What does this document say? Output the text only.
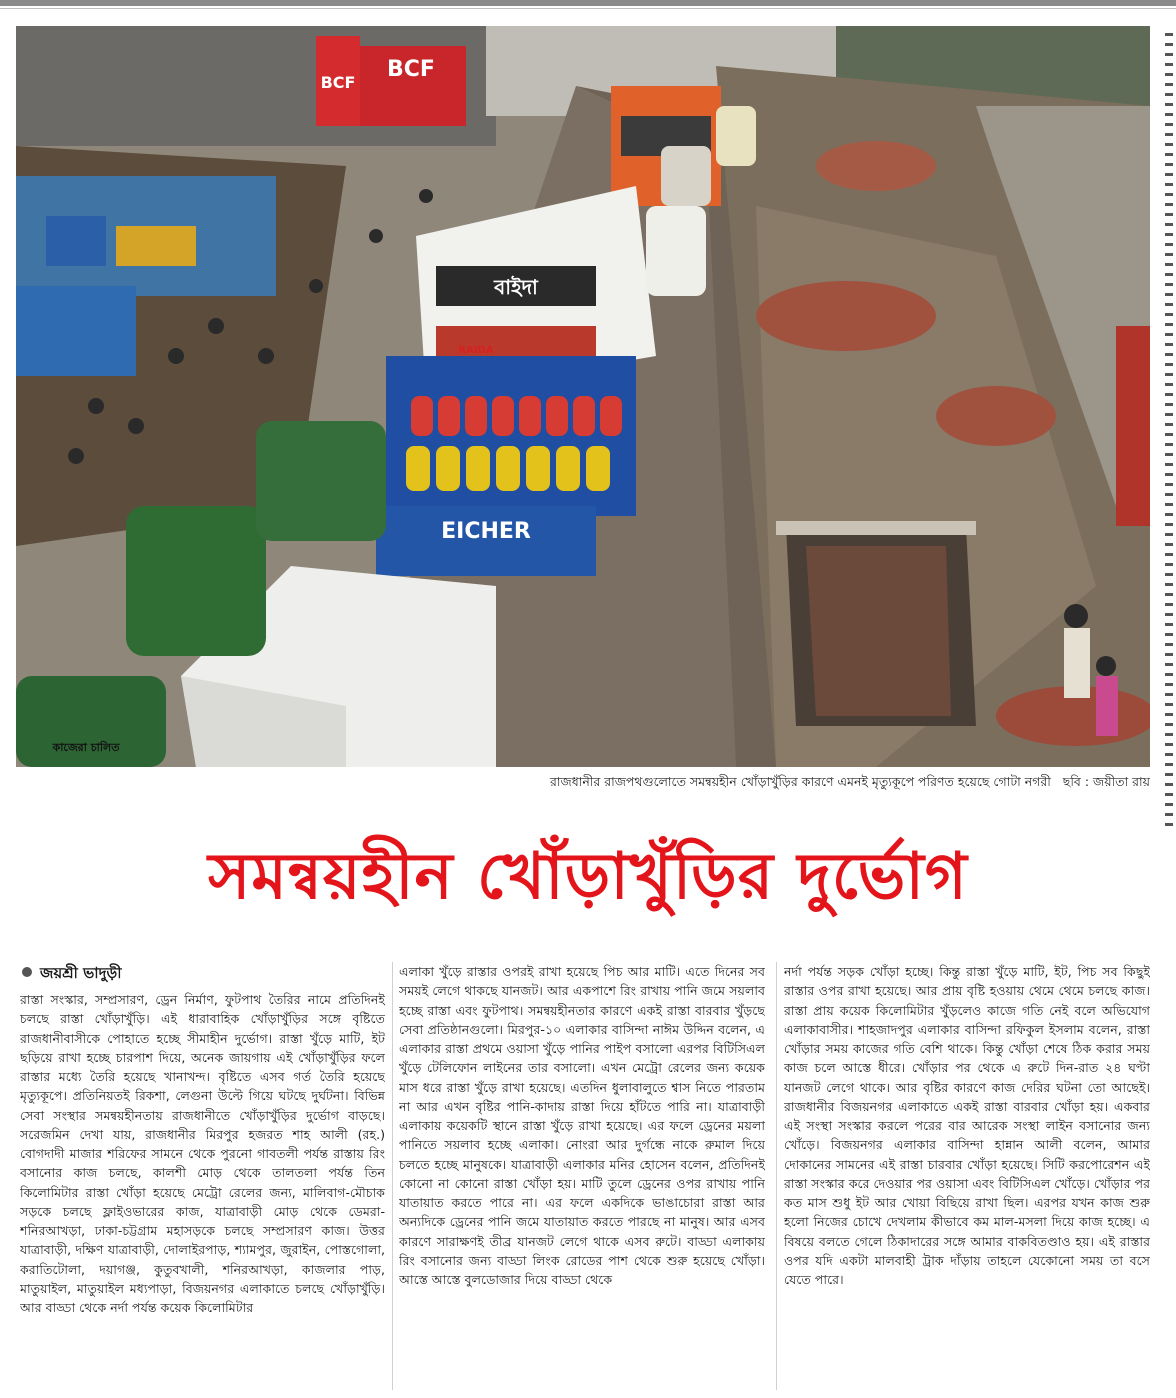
BCF
BCF
বাইদা
RAIDA
EICHER
কাজেরা চালিত
রাজধানীর রাজপথগুলোতে সমন্বয়হীন খোঁড়াখুঁড়ির কারণে এমনই মৃত্যুকূপে পরিণত হয়েছে গোটা নগরী ছবি : জয়ীতা রায়
সমন্বয়হীন খোঁড়াখুঁড়ির দুর্ভোগ
জয়শ্রী ভাদুড়ী

রাস্তা সংস্কার, সম্প্রসারণ, ড্রেন নির্মাণ, ফুটপাথ তৈরির নামে প্রতিদিনই চলছে রাস্তা খোঁড়াখুঁড়ি। এই ধারাবাহিক খোঁড়াখুঁড়ির সঙ্গে বৃষ্টিতে রাজধানীবাসীকে পোহাতে হচ্ছে সীমাহীন দুর্ভোগ। রাস্তা খুঁড়ে মাটি, ইট ছড়িয়ে রাখা হচ্ছে চারপাশ দিয়ে, অনেক জায়গায় এই খোঁড়াখুঁড়ির ফলে রাস্তার মধ্যে তৈরি হয়েছে খানাখন্দ। বৃষ্টিতে এসব গর্ত তৈরি হয়েছে মৃত্যুকূপে। প্রতিনিয়তই রিকশা, লেগুনা উল্টে গিয়ে ঘটছে দুর্ঘটনা। বিভিন্ন সেবা সংস্থার সমন্বয়হীনতায় রাজধানীতে খোঁড়াখুঁড়ির দুর্ভোগ বাড়ছে। সরেজমিন দেখা যায়, রাজধানীর মিরপুর হজরত শাহ আলী (রহ.) বোগদাদী মাজার শরিফের সামনে থেকে পুরনো গাবতলী পর্যন্ত রাস্তায় রিং বসানোর কাজ চলছে, কালশী মোড় থেকে তালতলা পর্যন্ত তিন কিলোমিটার রাস্তা খোঁড়া হয়েছে মেট্রো রেলের জন্য, মালিবাগ-মৌচাক সড়কে চলছে ফ্লাইওভারের কাজ, যাত্রাবাড়ী মোড় থেকে ডেমরা-শনিরআখড়া, ঢাকা-চট্টগ্রাম মহাসড়কে চলছে সম্প্রসারণ কাজ। উত্তর যাত্রাবাড়ী, দক্ষিণ যাত্রাবাড়ী, দোলাইরপাড়, শ্যামপুর, জুরাইন, পোস্তগোলা, করাতিটোলা, দয়াগঞ্জ, কুতুবখালী, শনিরআখড়া, কাজলার পাড়, মাতুয়াইল, মাতুয়াইল মধ্যপাড়া, বিজয়নগর এলাকাতে চলছে খোঁড়াখুঁড়ি। আর বাড্ডা থেকে নর্দা পর্যন্ত কয়েক কিলোমিটার

এলাকা খুঁড়ে রাস্তার ওপরই রাখা হয়েছে পিচ আর মাটি। এতে দিনের সব সময়ই লেগে থাকছে যানজট। আর একপাশে রিং রাখায় পানি জমে সয়লাব হচ্ছে রাস্তা এবং ফুটপাথ। সমন্বয়হীনতার কারণে একই রাস্তা বারবার খুঁড়ছে সেবা প্রতিষ্ঠানগুলো। মিরপুর-১০ এলাকার বাসিন্দা নাঈম উদ্দিন বলেন, এ এলাকার রাস্তা প্রথমে ওয়াসা খুঁড়ে পানির পাইপ বসালো এরপর বিটিসিএল খুঁড়ে টেলিফোন লাইনের তার বসালো। এখন মেট্রো রেলের জন্য কয়েক মাস ধরে রাস্তা খুঁড়ে রাখা হয়েছে। এতদিন ধুলাবালুতে শ্বাস নিতে পারতাম না আর এখন বৃষ্টির পানি-কাদায় রাস্তা দিয়ে হাঁটতে পারি না। যাত্রাবাড়ী এলাকায় কয়েকটি স্থানে রাস্তা খুঁড়ে রাখা হয়েছে। এর ফলে ড্রেনের ময়লা পানিতে সয়লাব হচ্ছে এলাকা। নোংরা আর দুর্গন্ধে নাকে রুমাল দিয়ে চলতে হচ্ছে মানুষকে। যাত্রাবাড়ী এলাকার মনির হোসেন বলেন, প্রতিদিনই কোনো না কোনো রাস্তা খোঁড়া হয়। মাটি তুলে ড্রেনের ওপর রাখায় পানি যাতায়াত করতে পারে না। এর ফলে একদিকে ভাঙাচোরা রাস্তা আর অন্যদিকে ড্রেনের পানি জমে যাতায়াত করতে পারছে না মানুষ। আর এসব কারণে সারাক্ষণই তীব্র যানজট লেগে থাকে এসব রুটে। বাড্ডা এলাকায় রিং বসানোর জন্য বাড্ডা লিংক রোডের পাশ থেকে শুরু হয়েছে খোঁড়া। আস্তে আস্তে বুলডোজার দিয়ে বাড্ডা থেকে

নর্দা পর্যন্ত সড়ক খোঁড়া হচ্ছে। কিন্তু রাস্তা খুঁড়ে মাটি, ইট, পিচ সব কিছুই রাস্তার ওপর রাখা হয়েছে। আর প্রায় বৃষ্টি হওয়ায় থেমে থেমে চলছে কাজ। রাস্তা প্রায় কয়েক কিলোমিটার খুঁড়লেও কাজে গতি নেই বলে অভিযোগ এলাকাবাসীর। শাহজাদপুর এলাকার বাসিন্দা রফিকুল ইসলাম বলেন, রাস্তা খোঁড়ার সময় কাজের গতি বেশি থাকে। কিন্তু খোঁড়া শেষে ঠিক করার সময় কাজ চলে আস্তে ধীরে। খোঁড়ার পর থেকে এ রুটে দিন-রাত ২৪ ঘণ্টা যানজট লেগে থাকে। আর বৃষ্টির কারণে কাজ দেরির ঘটনা তো আছেই। রাজধানীর বিজয়নগর এলাকাতে একই রাস্তা বারবার খোঁড়া হয়। একবার এই সংস্থা সংস্কার করলে পরের বার আরেক সংস্থা লাইন বসানোর জন্য খোঁড়ে। বিজয়নগর এলাকার বাসিন্দা হান্নান আলী বলেন, আমার দোকানের সামনের এই রাস্তা চারবার খোঁড়া হয়েছে। সিটি করপোরেশন এই রাস্তা সংস্কার করে দেওয়ার পর ওয়াসা এবং বিটিসিএল খোঁড়ে। খোঁড়ার পর কত মাস শুধু ইট আর খোয়া বিছিয়ে রাখা ছিল। এরপর যখন কাজ শুরু হলো নিজের চোখে দেখলাম কীভাবে কম মাল-মসলা দিয়ে কাজ হচ্ছে। এ বিষয়ে বলতে গেলে ঠিকাদারের সঙ্গে আমার বাকবিতণ্ডাও হয়। এই রাস্তার ওপর যদি একটা মালবাহী ট্রাক দাঁড়ায় তাহলে যেকোনো সময় তা বসে যেতে পারে।
